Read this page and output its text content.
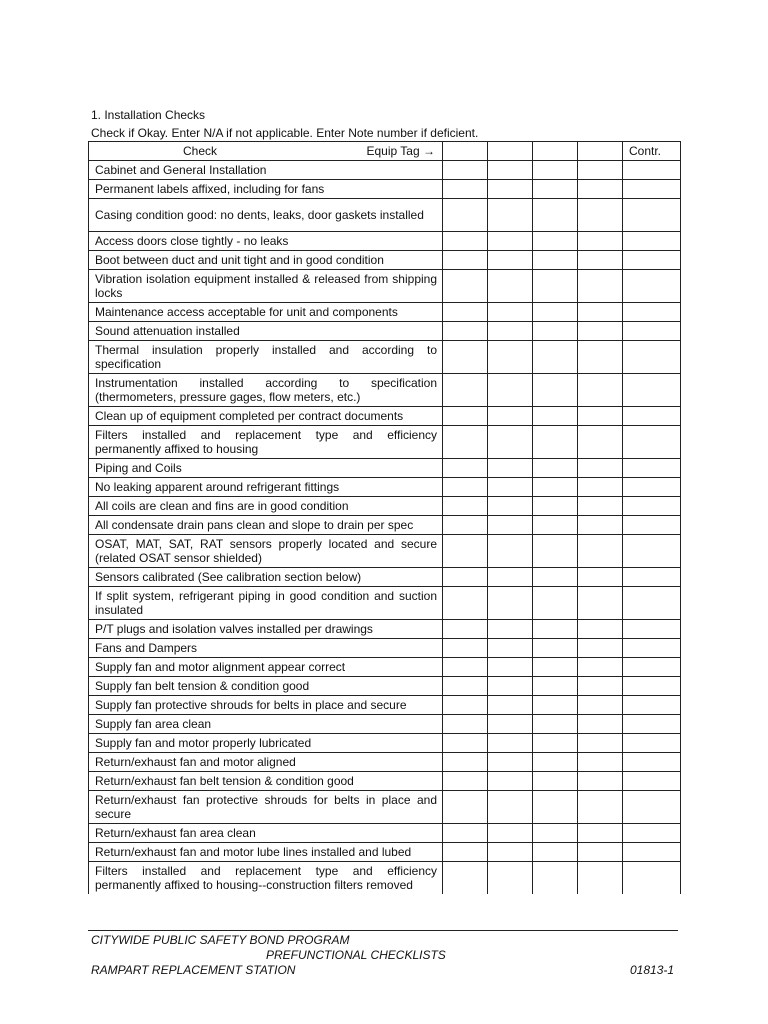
1. Installation Checks
Check if Okay. Enter N/A if not applicable. Enter Note number if deficient.
Check Equip Tag →					Contr.
Cabinet and General Installation					
Permanent labels affixed, including for fans					
Casing condition good: no dents, leaks, door gaskets installed					
Access doors close tightly - no leaks					
Boot between duct and unit tight and in good condition					
Vibration isolation equipment installed & released from shipping locks					
Maintenance access acceptable for unit and components					
Sound attenuation installed					
Thermal insulation properly installed and according to specification					
Instrumentation installed according to specification (thermometers, pressure gages, flow meters, etc.)					
Clean up of equipment completed per contract documents					
Filters installed and replacement type and efficiency permanently affixed to housing					
Piping and Coils					
No leaking apparent around refrigerant fittings					
All coils are clean and fins are in good condition					
All condensate drain pans clean and slope to drain per spec					
OSAT, MAT, SAT, RAT sensors properly located and secure (related OSAT sensor shielded)					
Sensors calibrated (See calibration section below)					
If split system, refrigerant piping in good condition and suction insulated					
P/T plugs and isolation valves installed per drawings					
Fans and Dampers					
Supply fan and motor alignment appear correct					
Supply fan belt tension & condition good					
Supply fan protective shrouds for belts in place and secure					
Supply fan area clean					
Supply fan and motor properly lubricated					
Return/exhaust fan and motor aligned					
Return/exhaust fan belt tension & condition good					
Return/exhaust fan protective shrouds for belts in place and secure					
Return/exhaust fan area clean					
Return/exhaust fan and motor lube lines installed and lubed					
Filters installed and replacement type and efficiency permanently affixed to housing--construction filters removed					
CITYWIDE PUBLIC SAFETY BOND PROGRAM
PREFUNCTIONAL CHECKLISTS
RAMPART REPLACEMENT STATION	01813-1
